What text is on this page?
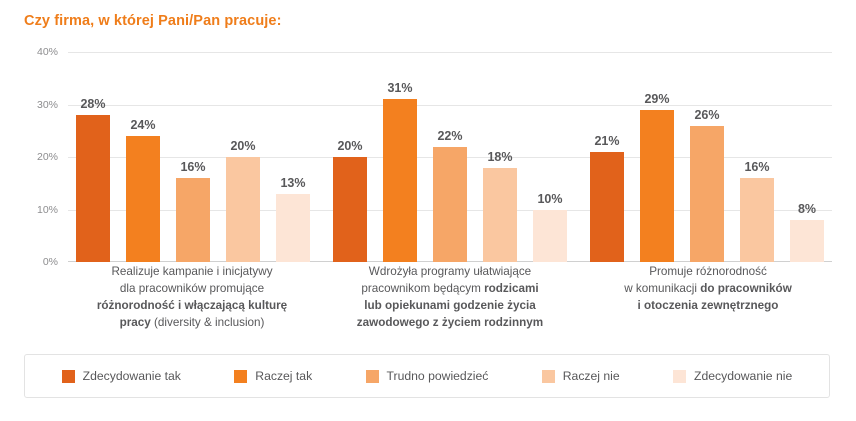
Czy firma, w której Pani/Pan pracuje:
0%
10%
20%
30%
40%
28%
24%
16%
20%
13%
20%
31%
22%
18%
10%
21%
29%
26%
16%
8%
Realizuje kampanie i inicjatywy
dla pracowników promujące
różnorodność i włączającą kulturę
pracy (diversity & inclusion)
Wdrożyła programy ułatwiające
pracownikom będącym rodzicami
lub opiekunami godzenie życia
zawodowego z życiem rodzinnym
Promuje różnorodność
w komunikacji do pracowników
i otoczenia zewnętrznego
Zdecydowanie tak	Raczej tak	Trudno powiedzieć	Raczej nie	Zdecydowanie nie
